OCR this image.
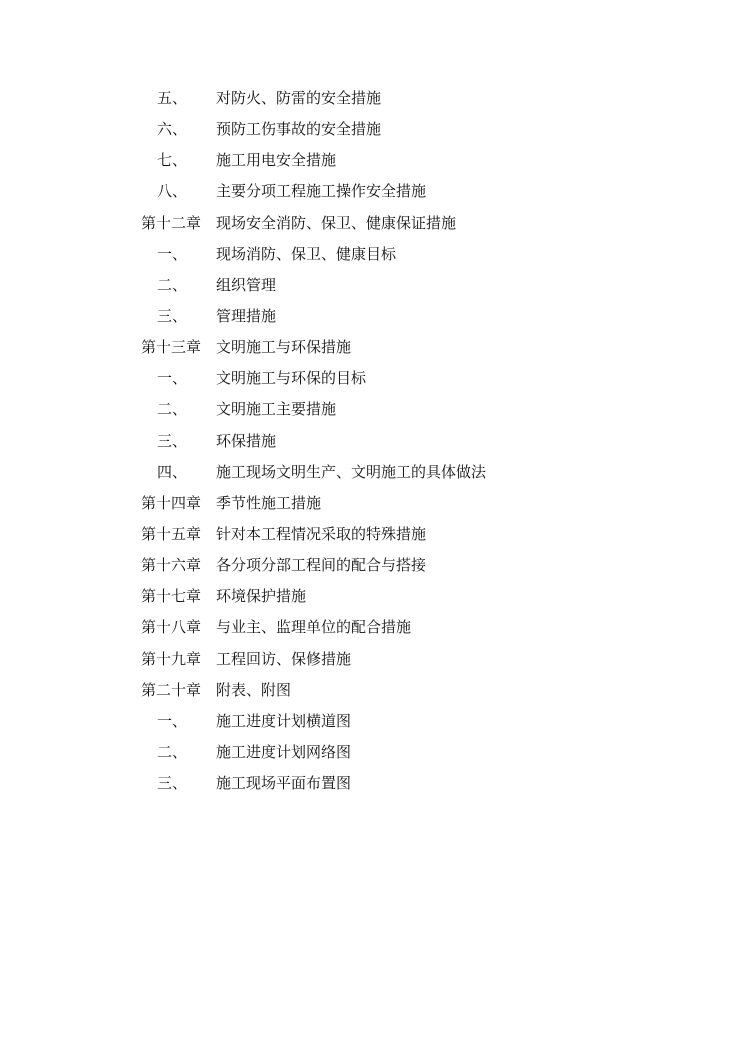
五、 对防火、防雷的安全措施
六、 预防工伤事故的安全措施
七、 施工用电安全措施
八、 主要分项工程施工操作安全措施
第十二章 现场安全消防、保卫、健康保证措施
一、 现场消防、保卫、健康目标
二、 组织管理
三、 管理措施
第十三章 文明施工与环保措施
一、 文明施工与环保的目标
二、 文明施工主要措施
三、 环保措施
四、 施工现场文明生产、文明施工的具体做法
第十四章 季节性施工措施
第十五章 针对本工程情况采取的特殊措施
第十六章 各分项分部工程间的配合与搭接
第十七章 环境保护措施
第十八章 与业主、监理单位的配合措施
第十九章 工程回访、保修措施
第二十章 附表、附图
一、 施工进度计划横道图
二、 施工进度计划网络图
三、 施工现场平面布置图
